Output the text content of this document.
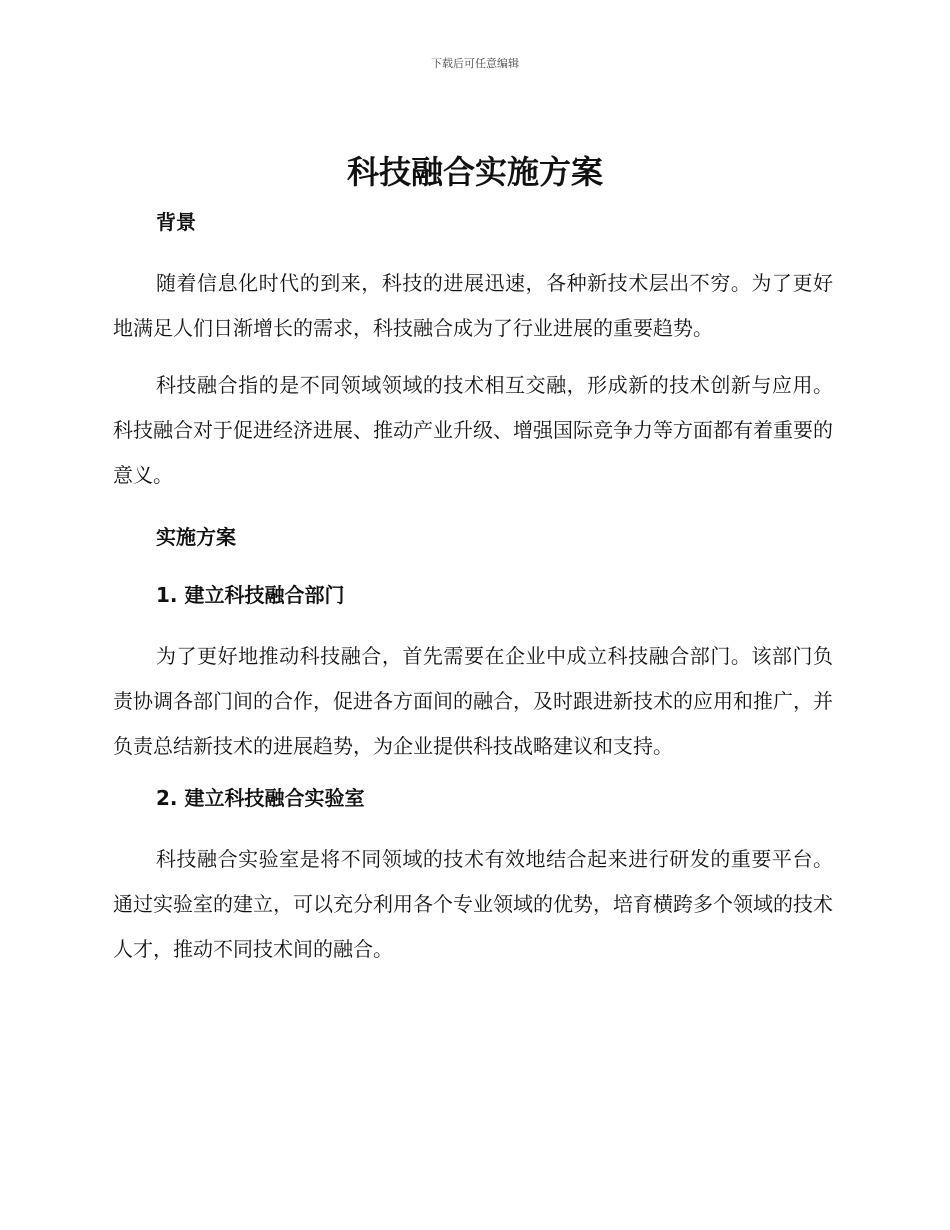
下载后可任意编辑
科技融合实施方案
背景

随着信息化时代的到来，科技的进展迅速，各种新技术层出不穷。为了更好地满足人们日渐增长的需求，科技融合成为了行业进展的重要趋势。

科技融合指的是不同领域领域的技术相互交融，形成新的技术创新与应用。科技融合对于促进经济进展、推动产业升级、增强国际竞争力等方面都有着重要的意义。

实施方案
1. 建立科技融合部门

为了更好地推动科技融合，首先需要在企业中成立科技融合部门。该部门负责协调各部门间的合作，促进各方面间的融合，及时跟进新技术的应用和推广，并负责总结新技术的进展趋势，为企业提供科技战略建议和支持。

2. 建立科技融合实验室

科技融合实验室是将不同领域的技术有效地结合起来进行研发的重要平台。通过实验室的建立，可以充分利用各个专业领域的优势，培育横跨多个领域的技术人才，推动不同技术间的融合。
